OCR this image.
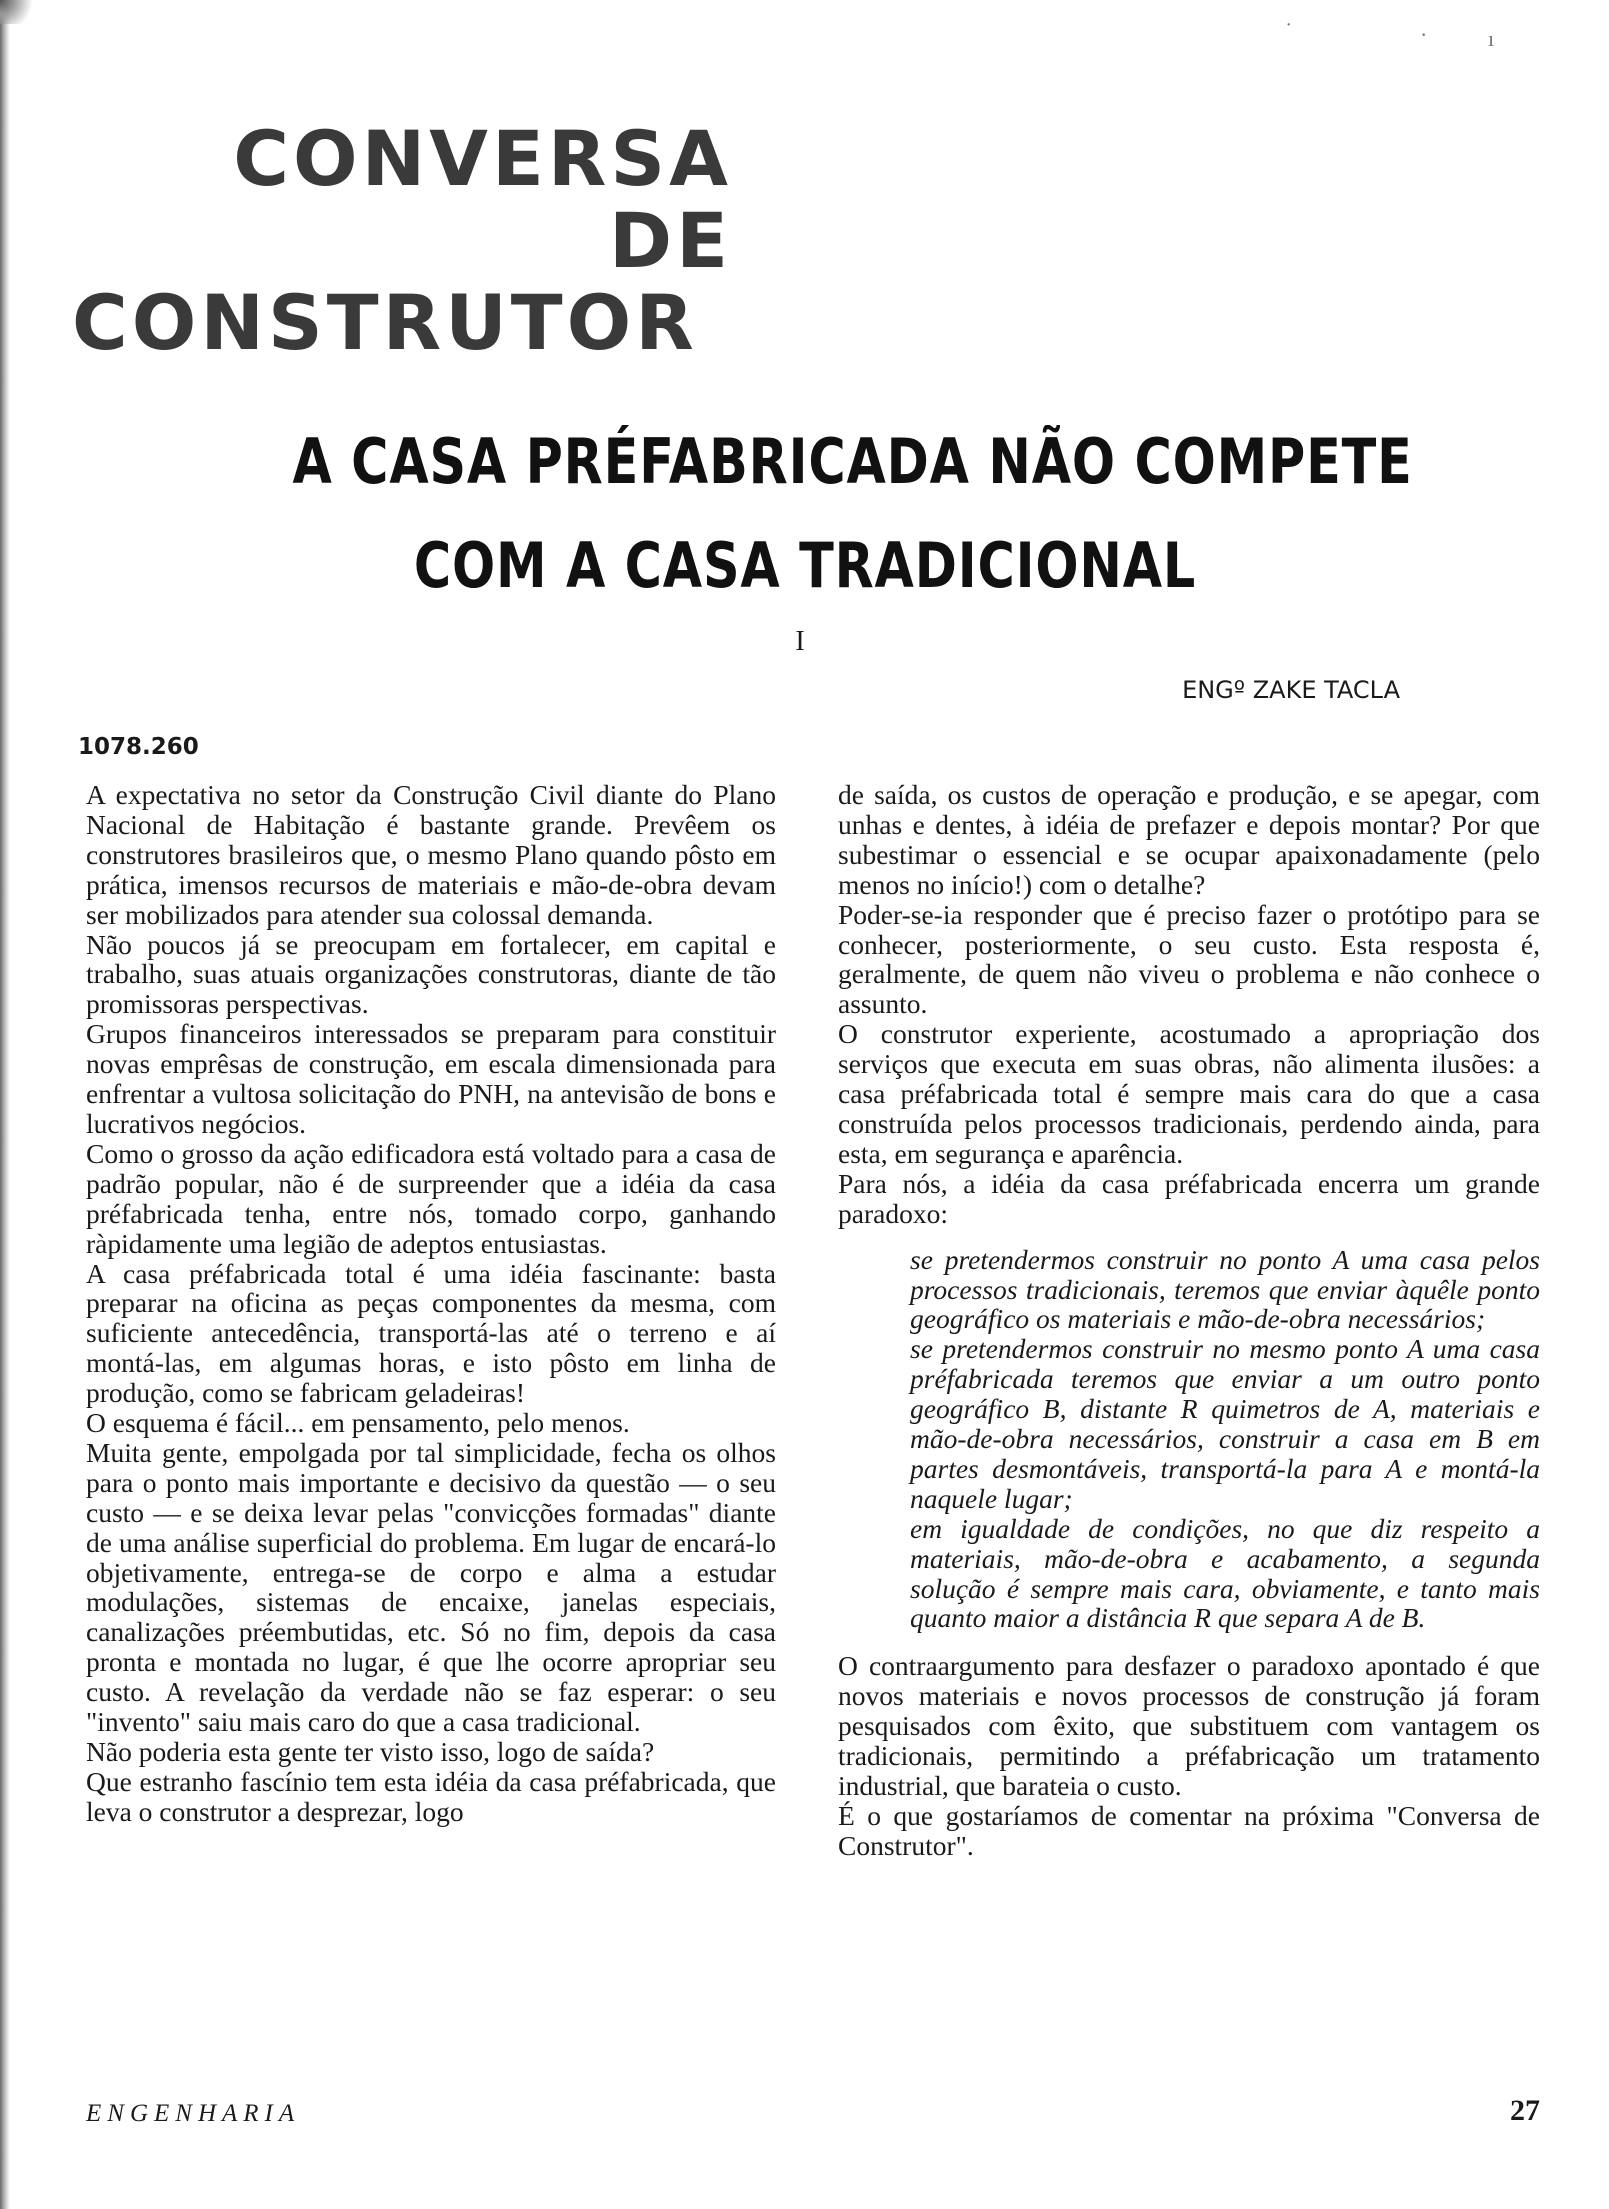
˙	·	ı
CONVERSA
DE
CONSTRUTOR
A CASA PRÉFABRICADA NÃO COMPETE
COM A CASA TRADICIONAL
I
ENGº ZAKE TACLA
1078.260

A expectativa no setor da Construção Civil diante do Plano Nacional de Habitação é bastante grande. Prevêem os construtores brasileiros que, o mesmo Plano quando pôsto em prática, imensos recursos de materiais e mão-de-obra devam ser mobilizados para atender sua colossal demanda.

Não poucos já se preocupam em fortalecer, em capital e trabalho, suas atuais organizações construtoras, diante de tão promissoras perspectivas.

Grupos financeiros interessados se preparam para constituir novas emprêsas de construção, em escala dimensionada para enfrentar a vultosa solicitação do PNH, na antevisão de bons e lucrativos negócios.

Como o grosso da ação edificadora está voltado para a casa de padrão popular, não é de surpreender que a idéia da casa préfabricada tenha, entre nós, tomado corpo, ganhando ràpidamente uma legião de adeptos entusiastas.

A casa préfabricada total é uma idéia fascinante: basta preparar na oficina as peças componentes da mesma, com suficiente antecedência, transportá-las até o terreno e aí montá-las, em algumas horas, e isto pôsto em linha de produção, como se fabricam geladeiras!

O esquema é fácil... em pensamento, pelo menos.

Muita gente, empolgada por tal simplicidade, fecha os olhos para o ponto mais importante e decisivo da questão — o seu custo — e se deixa levar pelas "convicções formadas" diante de uma análise superficial do problema. Em lugar de encará-lo objetivamente, entrega-se de corpo e alma a estudar modulações, sistemas de encaixe, janelas especiais, canalizações préembutidas, etc. Só no fim, depois da casa pronta e montada no lugar, é que lhe ocorre apropriar seu custo. A revelação da verdade não se faz esperar: o seu "invento" saiu mais caro do que a casa tradicional.

Não poderia esta gente ter visto isso, logo de saída?

Que estranho fascínio tem esta idéia da casa préfabricada, que leva o construtor a desprezar, logo

de saída, os custos de operação e produção, e se apegar, com unhas e dentes, à idéia de prefazer e depois montar? Por que subestimar o essencial e se ocupar apaixonadamente (pelo menos no início!) com o detalhe?

Poder-se-ia responder que é preciso fazer o protótipo para se conhecer, posteriormente, o seu custo. Esta resposta é, geralmente, de quem não viveu o problema e não conhece o assunto.

O construtor experiente, acostumado a apropriação dos serviços que executa em suas obras, não alimenta ilusões: a casa préfabricada total é sempre mais cara do que a casa construída pelos processos tradicionais, perdendo ainda, para esta, em segurança e aparência.

Para nós, a idéia da casa préfabricada encerra um grande paradoxo:

se pretendermos construir no ponto A uma casa pelos processos tradicionais, teremos que enviar àquêle ponto geográfico os materiais e mão-de-obra necessários;

se pretendermos construir no mesmo ponto A uma casa préfabricada teremos que enviar a um outro ponto geográfico B, distante R quimetros de A, materiais e mão-de-obra necessários, construir a casa em B em partes desmontáveis, transportá-la para A e montá-la naquele lugar;

em igualdade de condições, no que diz respeito a materiais, mão-de-obra e acabamento, a segunda solução é sempre mais cara, obviamente, e tanto mais quanto maior a distância R que separa A de B.

O contraargumento para desfazer o paradoxo apontado é que novos materiais e novos processos de construção já foram pesquisados com êxito, que substituem com vantagem os tradicionais, permitindo a préfabricação um tratamento industrial, que barateia o custo.

É o que gostaríamos de comentar na próxima "Conversa de Construtor".

ENGENHARIA	27
